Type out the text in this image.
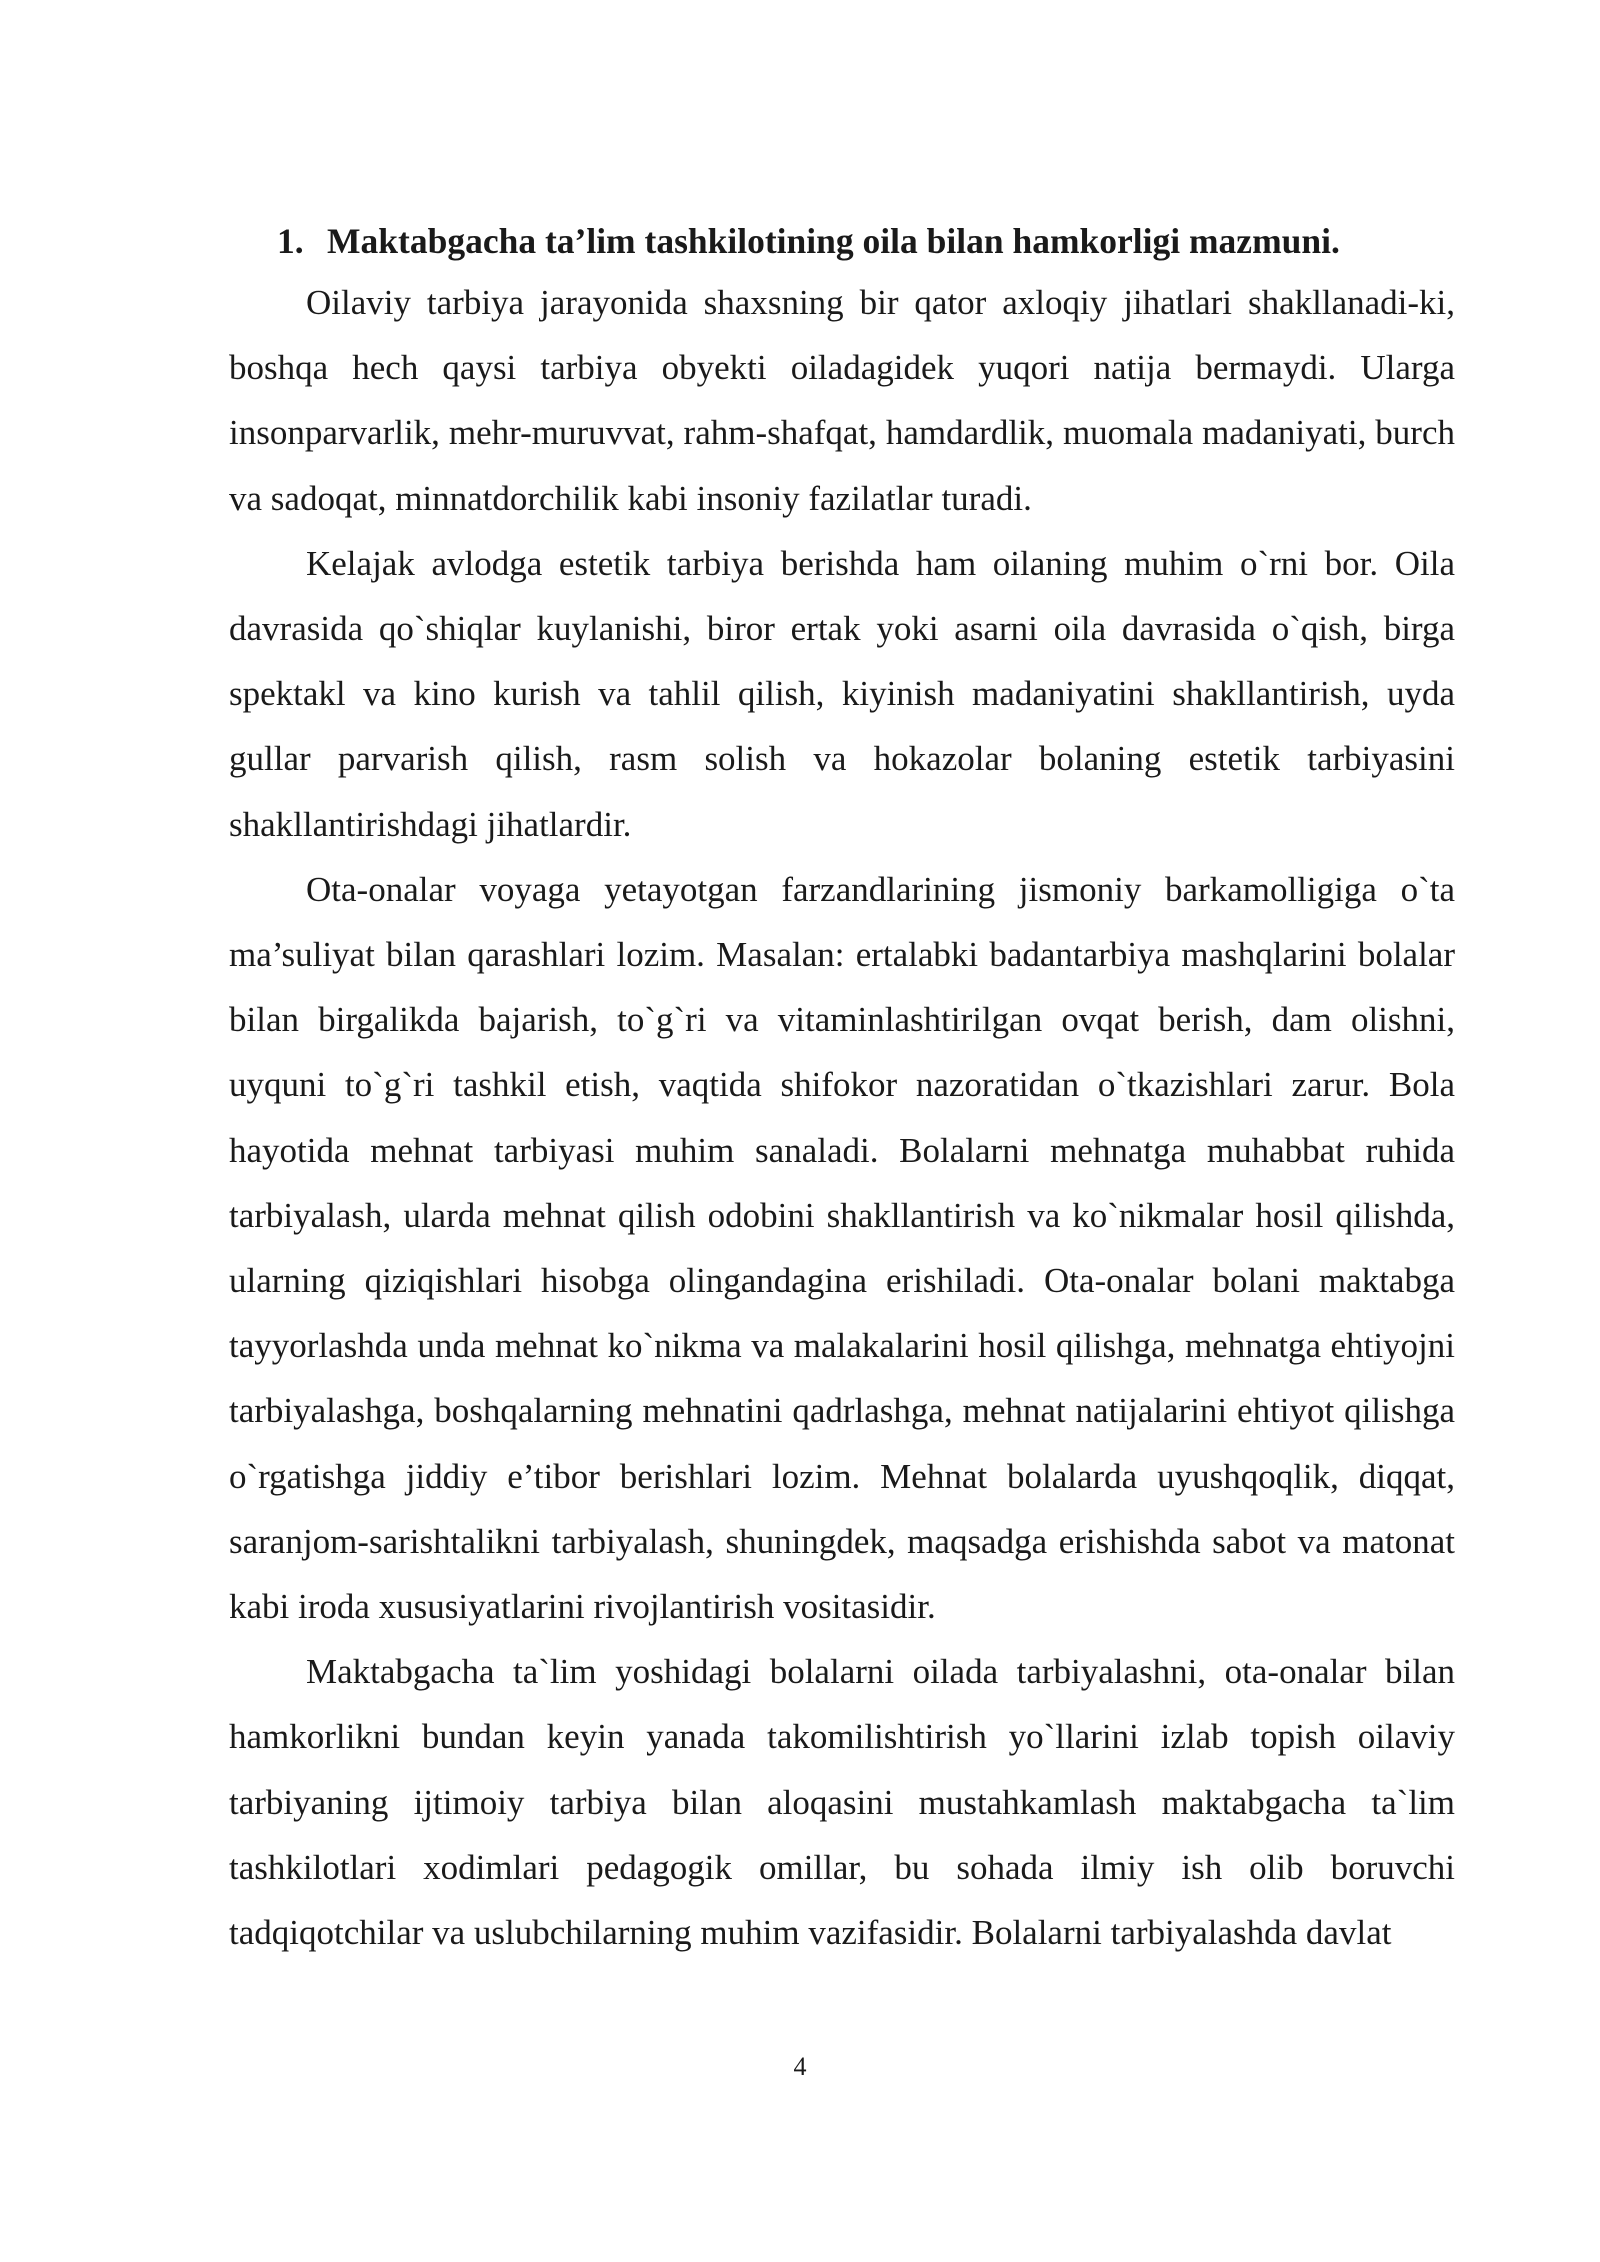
1. Maktabgacha ta’lim tashkilotining oila bilan hamkorligi mazmuni.

Oilaviy tarbiya jarayonida shaxsning bir qator axloqiy jihatlari shakllanadi-ki, boshqa hech qaysi tarbiya obyekti oiladagidek yuqori natija bermaydi. Ularga insonparvarlik, mehr-muruvvat, rahm-shafqat, hamdardlik, muomala madaniyati, burch va sadoqat, minnatdorchilik kabi insoniy fazilatlar turadi.

Kelajak avlodga estetik tarbiya berishda ham oilaning muhim o`rni bor. Oila davrasida qo`shiqlar kuylanishi, biror ertak yoki asarni oila davrasida o`qish, birga spektakl va kino kurish va tahlil qilish, kiyinish madaniyatini shakllantirish, uyda gullar parvarish qilish, rasm solish va hokazolar bolaning estetik tarbiyasini shakllantirishdagi jihatlardir.

Ota-onalar voyaga yetayotgan farzandlarining jismoniy barkamolligiga o`ta ma’suliyat bilan qarashlari lozim. Masalan: ertalabki badantarbiya mashqlarini bolalar bilan birgalikda bajarish, to`g`ri va vitaminlashtirilgan ovqat berish, dam olishni, uyquni to`g`ri tashkil etish, vaqtida shifokor nazoratidan o`tkazishlari zarur. Bola hayotida mehnat tarbiyasi muhim sanaladi. Bolalarni mehnatga muhabbat ruhida tarbiyalash, ularda mehnat qilish odobini shakllantirish va ko`nikmalar hosil qilishda, ularning qiziqishlari hisobga olingandagina erishiladi. Ota-onalar bolani maktabga tayyorlashda unda mehnat ko`nikma va malakalarini hosil qilishga, mehnatga ehtiyojni tarbiyalashga, boshqalarning mehnatini qadrlashga, mehnat natijalarini ehtiyot qilishga o`rgatishga jiddiy e’tibor berishlari lozim. Mehnat bolalarda uyushqoqlik, diqqat, saranjom-sarishtalikni tarbiyalash, shuningdek, maqsadga erishishda sabot va matonat kabi iroda xususiyatlarini rivojlantirish vositasidir.

Maktabgacha ta`lim yoshidagi bolalarni oilada tarbiyalashni, ota-onalar bilan hamkorlikni bundan keyin yanada takomilishtirish yo`llarini izlab topish oilaviy tarbiyaning ijtimoiy tarbiya bilan aloqasini mustahkamlash maktabgacha ta`lim tashkilotlari xodimlari pedagogik omillar, bu sohada ilmiy ish olib boruvchi tadqiqotchilar va uslubchilarning muhim vazifasidir. Bolalarni tarbiyalashda davlat

4
